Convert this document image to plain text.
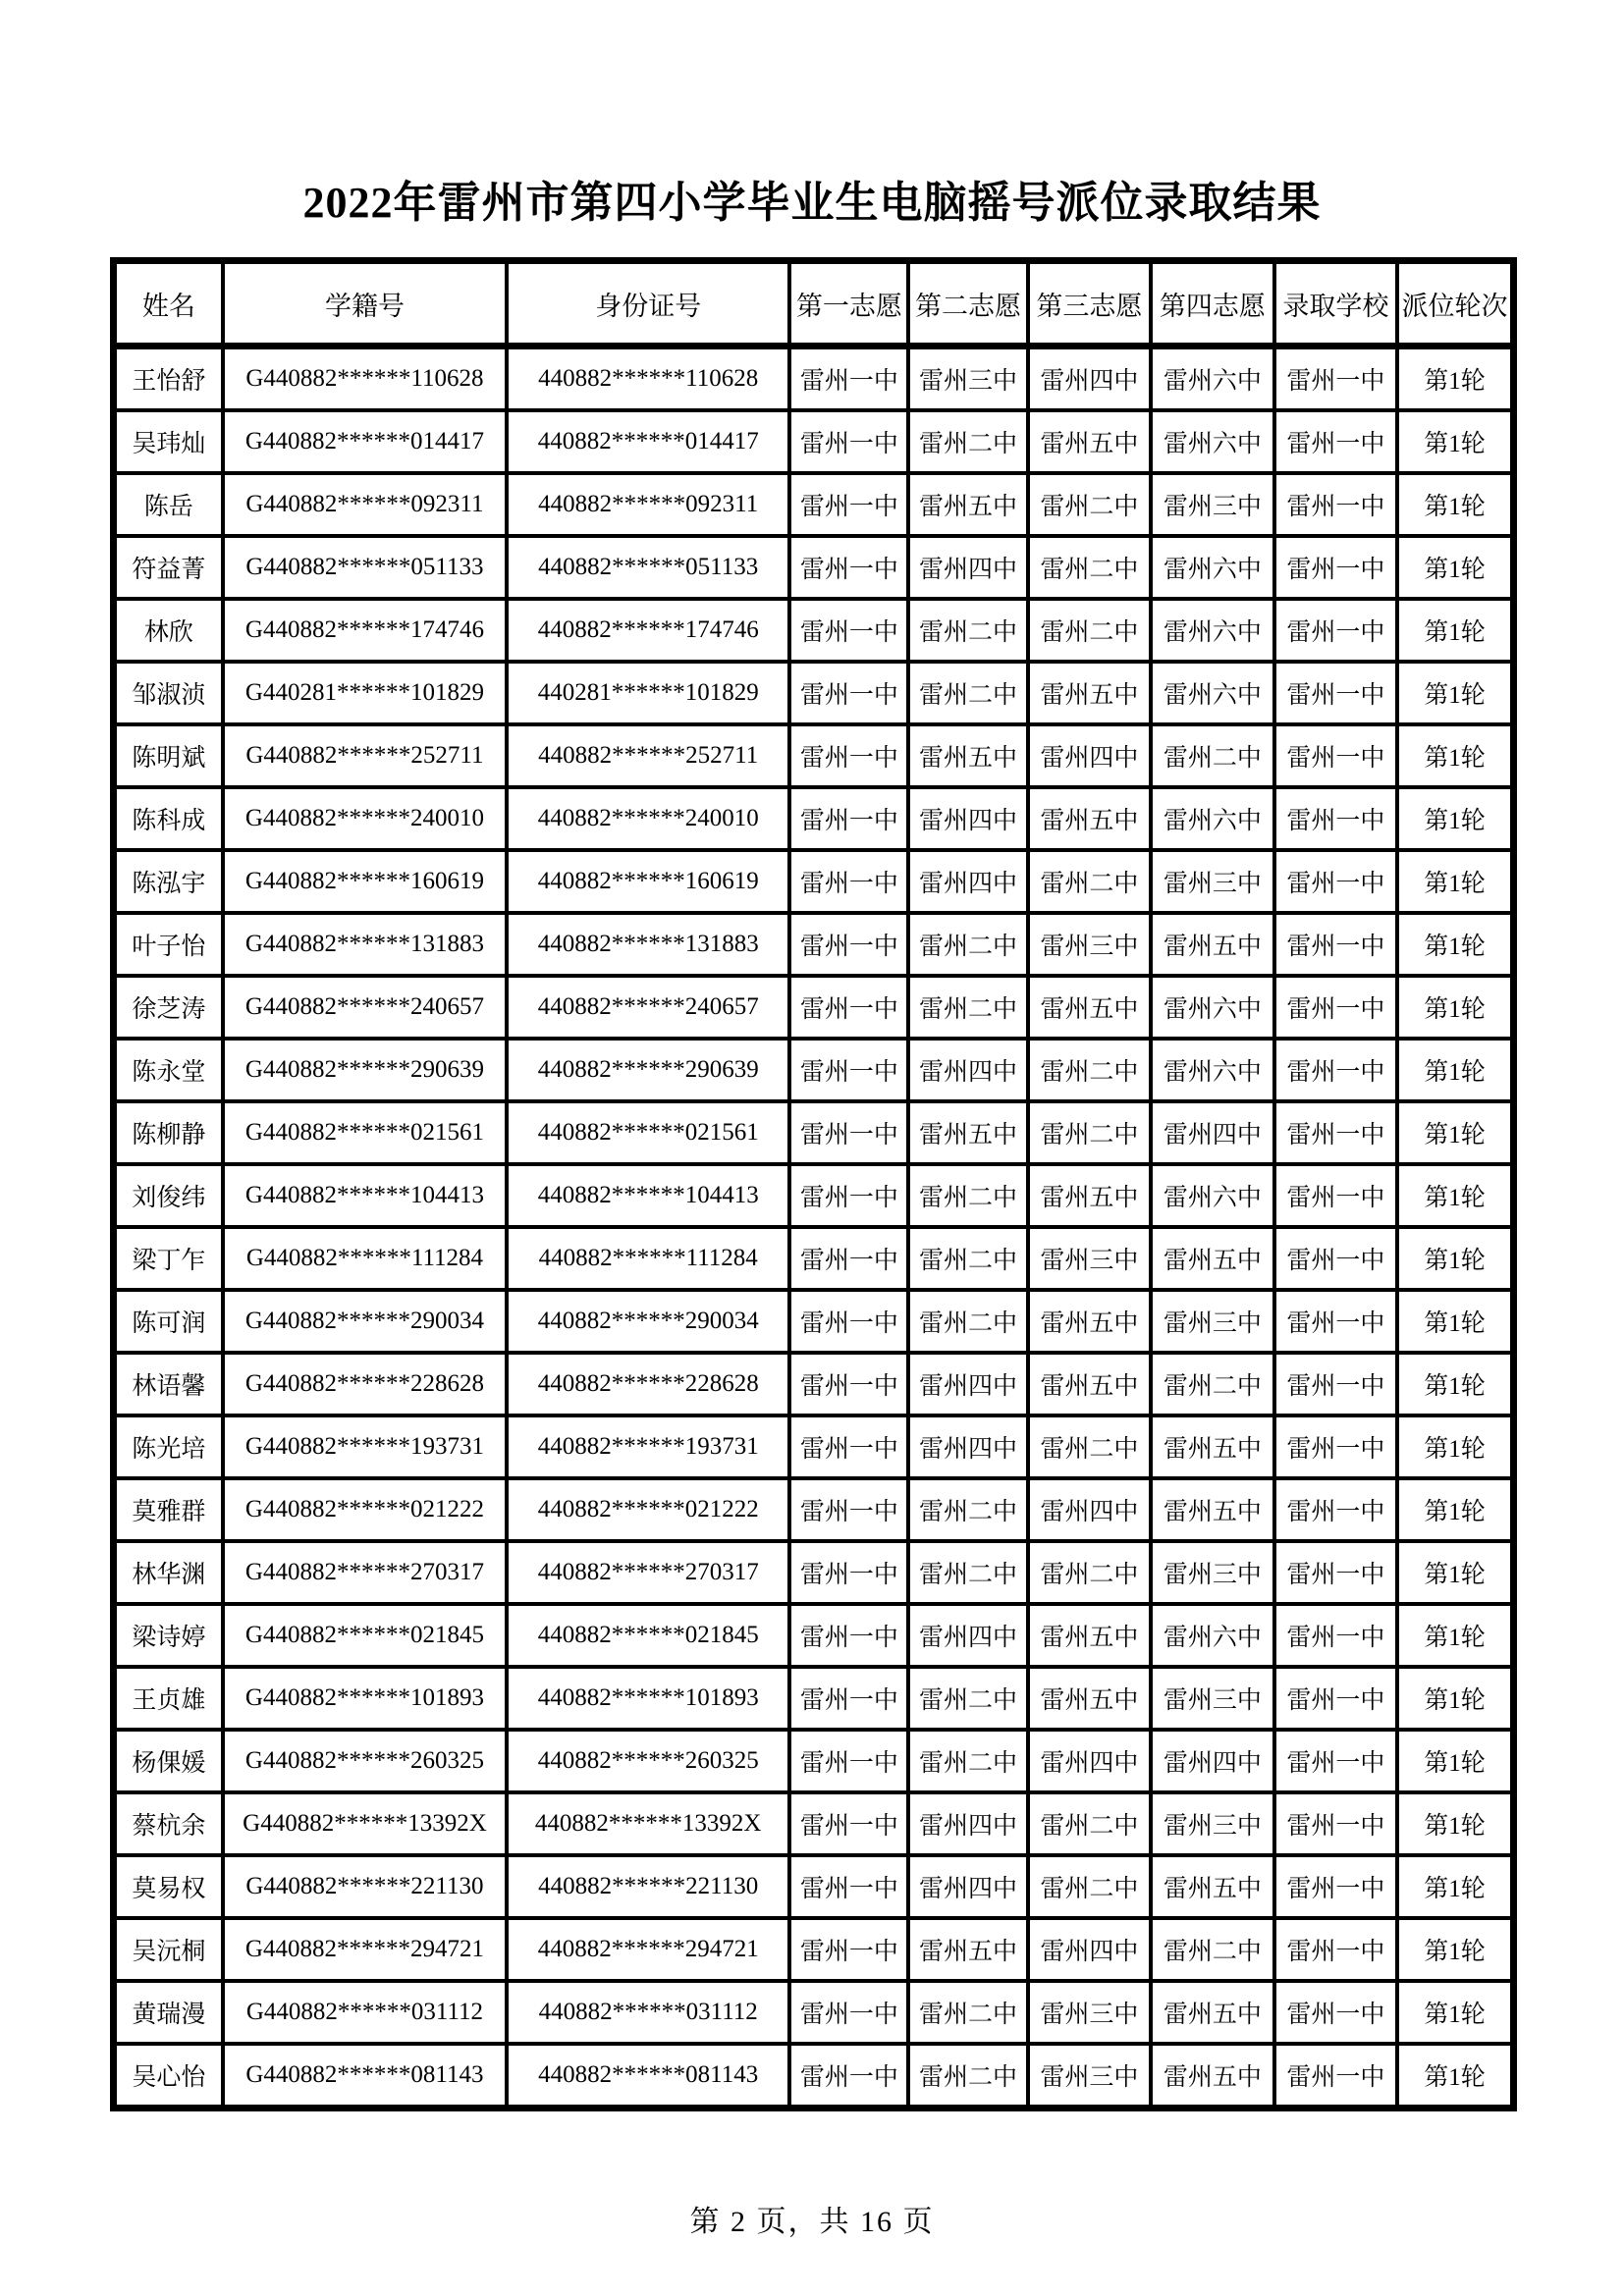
2022年雷州市第四小学毕业生电脑摇号派位录取结果
姓名	学籍号	身份证号	第一志愿	第二志愿	第三志愿	第四志愿	录取学校	派位轮次
王怡舒	G440882******110628	440882******110628	雷州一中	雷州三中	雷州四中	雷州六中	雷州一中	第1轮
吴玮灿	G440882******014417	440882******014417	雷州一中	雷州二中	雷州五中	雷州六中	雷州一中	第1轮
陈岳	G440882******092311	440882******092311	雷州一中	雷州五中	雷州二中	雷州三中	雷州一中	第1轮
符益菁	G440882******051133	440882******051133	雷州一中	雷州四中	雷州二中	雷州六中	雷州一中	第1轮
林欣	G440882******174746	440882******174746	雷州一中	雷州二中	雷州二中	雷州六中	雷州一中	第1轮
邹淑浈	G440281******101829	440281******101829	雷州一中	雷州二中	雷州五中	雷州六中	雷州一中	第1轮
陈明斌	G440882******252711	440882******252711	雷州一中	雷州五中	雷州四中	雷州二中	雷州一中	第1轮
陈科成	G440882******240010	440882******240010	雷州一中	雷州四中	雷州五中	雷州六中	雷州一中	第1轮
陈泓宇	G440882******160619	440882******160619	雷州一中	雷州四中	雷州二中	雷州三中	雷州一中	第1轮
叶子怡	G440882******131883	440882******131883	雷州一中	雷州二中	雷州三中	雷州五中	雷州一中	第1轮
徐芝涛	G440882******240657	440882******240657	雷州一中	雷州二中	雷州五中	雷州六中	雷州一中	第1轮
陈永堂	G440882******290639	440882******290639	雷州一中	雷州四中	雷州二中	雷州六中	雷州一中	第1轮
陈柳静	G440882******021561	440882******021561	雷州一中	雷州五中	雷州二中	雷州四中	雷州一中	第1轮
刘俊纬	G440882******104413	440882******104413	雷州一中	雷州二中	雷州五中	雷州六中	雷州一中	第1轮
梁丁乍	G440882******111284	440882******111284	雷州一中	雷州二中	雷州三中	雷州五中	雷州一中	第1轮
陈可润	G440882******290034	440882******290034	雷州一中	雷州二中	雷州五中	雷州三中	雷州一中	第1轮
林语馨	G440882******228628	440882******228628	雷州一中	雷州四中	雷州五中	雷州二中	雷州一中	第1轮
陈光培	G440882******193731	440882******193731	雷州一中	雷州四中	雷州二中	雷州五中	雷州一中	第1轮
莫雅群	G440882******021222	440882******021222	雷州一中	雷州二中	雷州四中	雷州五中	雷州一中	第1轮
林华渊	G440882******270317	440882******270317	雷州一中	雷州二中	雷州二中	雷州三中	雷州一中	第1轮
梁诗婷	G440882******021845	440882******021845	雷州一中	雷州四中	雷州五中	雷州六中	雷州一中	第1轮
王贞雄	G440882******101893	440882******101893	雷州一中	雷州二中	雷州五中	雷州三中	雷州一中	第1轮
杨倮媛	G440882******260325	440882******260325	雷州一中	雷州二中	雷州四中	雷州四中	雷州一中	第1轮
蔡杭余	G440882******13392X	440882******13392X	雷州一中	雷州四中	雷州二中	雷州三中	雷州一中	第1轮
莫易权	G440882******221130	440882******221130	雷州一中	雷州四中	雷州二中	雷州五中	雷州一中	第1轮
吴沅桐	G440882******294721	440882******294721	雷州一中	雷州五中	雷州四中	雷州二中	雷州一中	第1轮
黄瑞漫	G440882******031112	440882******031112	雷州一中	雷州二中	雷州三中	雷州五中	雷州一中	第1轮
吴心怡	G440882******081143	440882******081143	雷州一中	雷州二中	雷州三中	雷州五中	雷州一中	第1轮
第 2 页，共 16 页
